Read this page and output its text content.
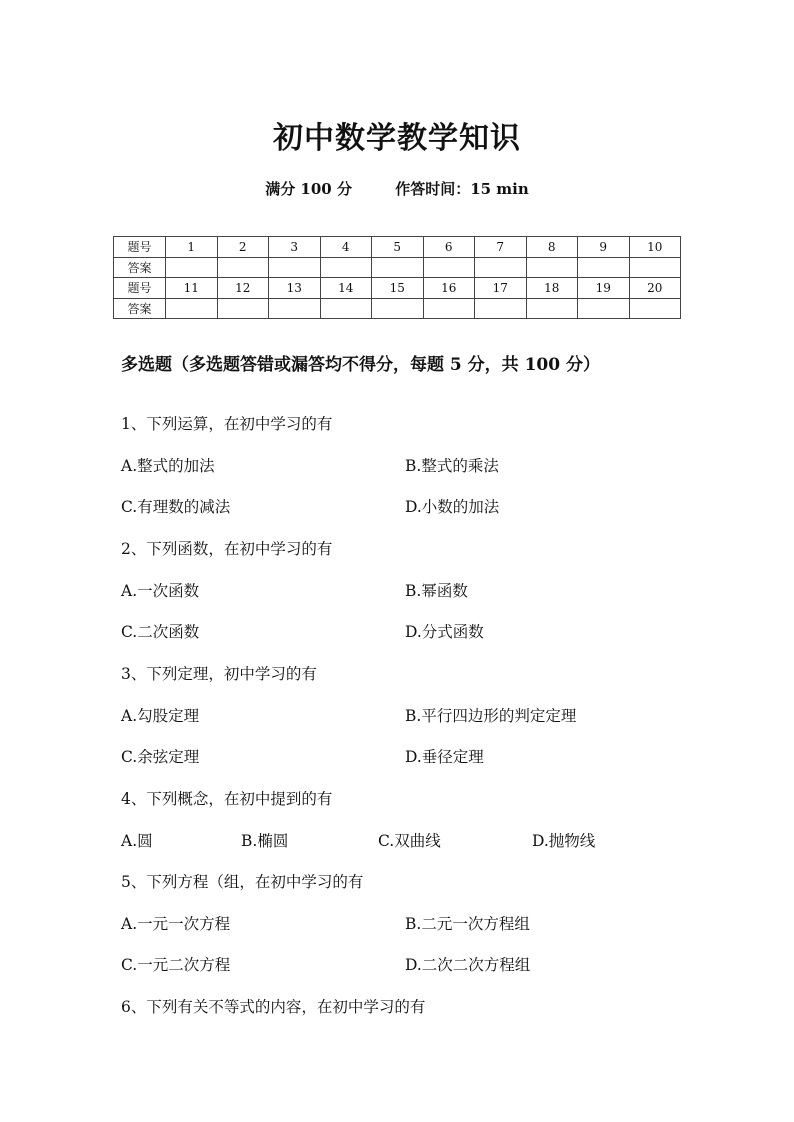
初中数学教学知识
满分 100 分	作答时间：15 min
题号	1	2	3	4	5	6	7	8	9	10
答案										
题号	11	12	13	14	15	16	17	18	19	20
答案										
多选题（多选题答错或漏答均不得分，每题 5 分，共 100 分）
1、下列运算，在初中学习的有
A.整式的加法	B.整式的乘法
C.有理数的减法	D.小数的加法
2、下列函数，在初中学习的有
A.一次函数	B.幂函数
C.二次函数	D.分式函数
3、下列定理，初中学习的有
A.勾股定理	B.平行四边形的判定定理
C.余弦定理	D.垂径定理
4、下列概念，在初中提到的有
A.圆	B.椭圆	C.双曲线	D.抛物线
5、下列方程（组，在初中学习的有
A.一元一次方程	B.二元一次方程组
C.一元二次方程	D.二次二次方程组
6、下列有关不等式的内容，在初中学习的有
